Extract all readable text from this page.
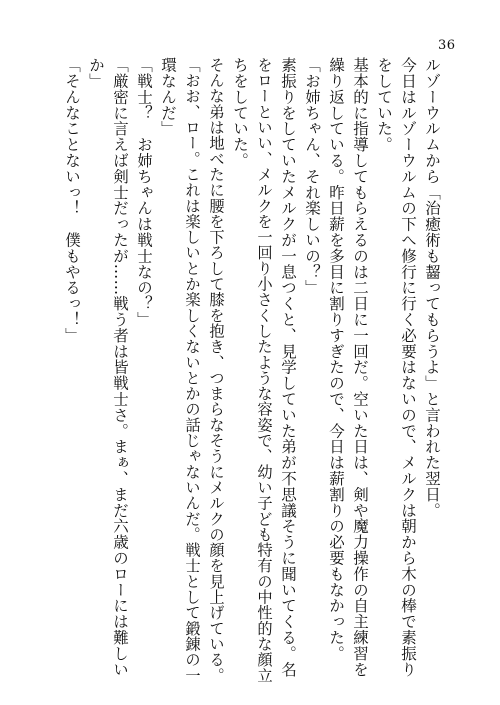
36
ルゾーウルムから「治癒術も齧ってもらうよ」と言われた翌日。
今日はルゾーウルムの下へ修行に行く必要はないので、メルクは朝から木の棒で素振り
をしていた。
基本的に指導してもらえるのは二日に一回だ。空いた日は、剣や魔力操作の自主練習を
繰り返している。昨日薪を多目に割りすぎたので、今日は薪割りの必要もなかった。
「お姉ちゃん、それ楽しいの？」
素振りをしていたメルクが一息つくと、見学していた弟が不思議そうに聞いてくる。名
をローといい、メルクを一回り小さくしたような容姿で、幼い子ども特有の中性的な顔立
ちをしていた。
そんな弟は地べたに腰を下ろして膝を抱き、つまらなそうにメルクの顔を見上げている。
「おお、ロー。これは楽しいとか楽しくないとかの話じゃないんだ。戦士として鍛錬の一
環なんだ」
「戦士？　お姉ちゃんは戦士なの？」
「厳密に言えば剣士だったが……戦う者は皆戦士さ。まぁ、まだ六歳のローには難しい
か」
「そんなことないっ！　僕もやるっ！」
